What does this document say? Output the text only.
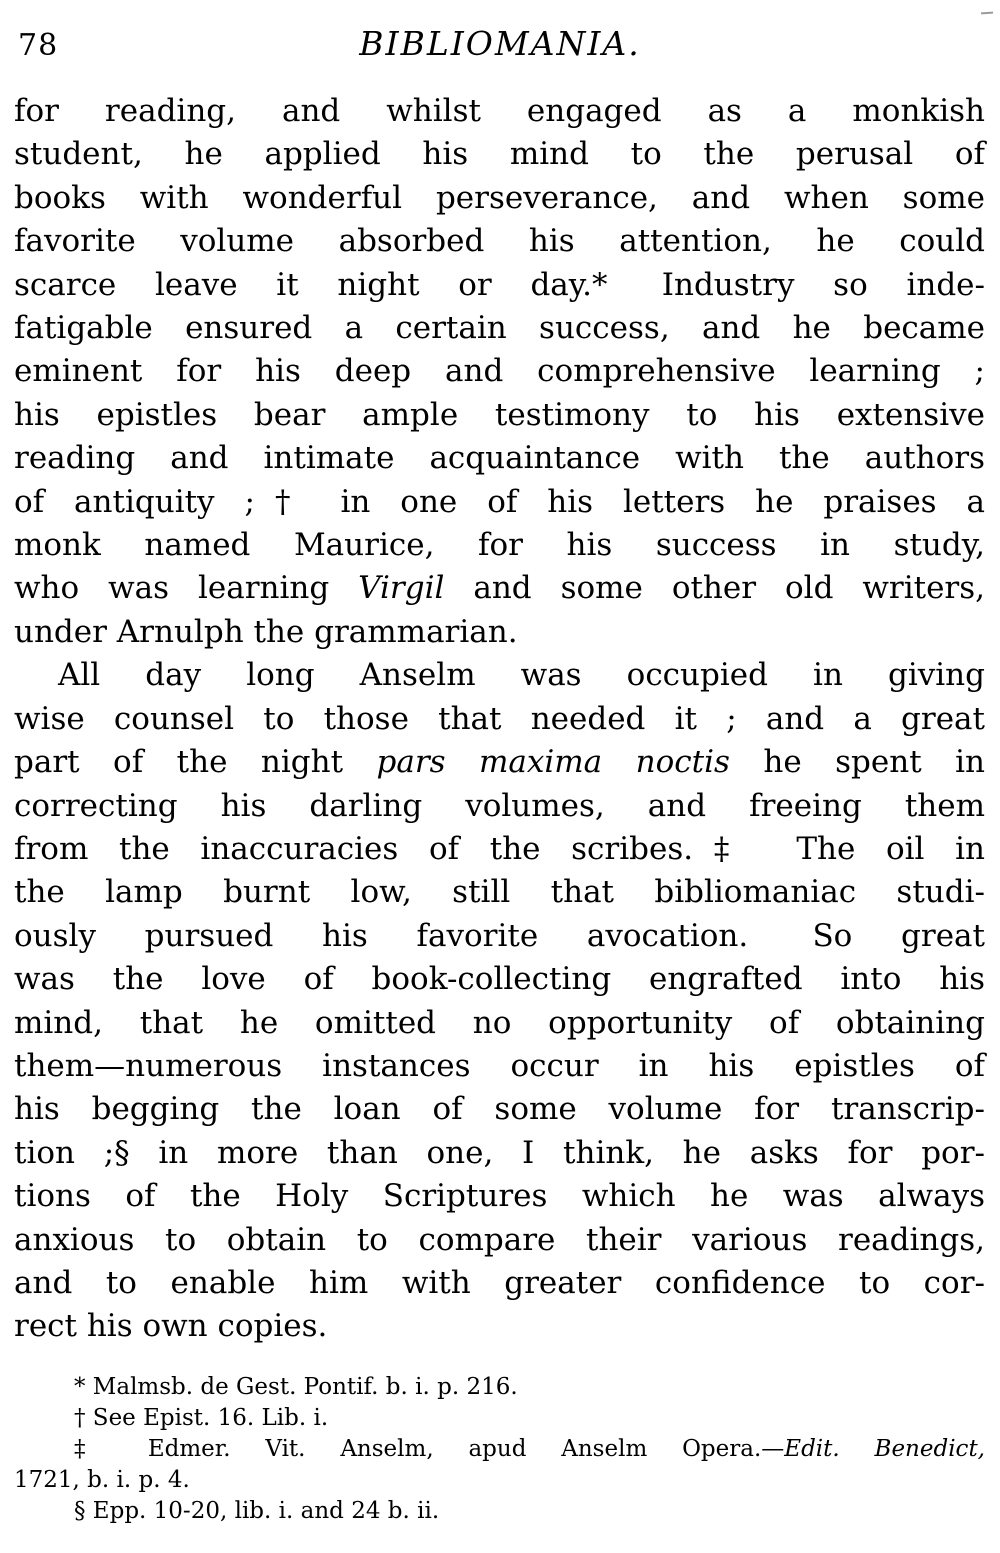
78	BIBLIOMANIA.
for reading, and whilst engaged as a monkish
student, he applied his mind to the perusal of
books with wonderful perseverance, and when some
favorite volume absorbed his attention, he could
scarce leave it night or day.*  Industry so inde-
fatigable ensured a certain success, and he became
eminent for his deep and comprehensive learning ;
his epistles bear ample testimony to his extensive
reading and intimate acquaintance with the authors
of antiquity ;† in one of his letters he praises a
monk named Maurice, for his success in study,
who was learning Virgil and some other old writers,
under Arnulph the grammarian.
All day long Anselm was occupied in giving
wise counsel to those that needed it ; and a great
part of the night pars maxima noctis he spent in
correcting his darling volumes, and freeing them
from the inaccuracies of the scribes.‡  The oil in
the lamp burnt low, still that bibliomaniac studi-
ously pursued his favorite avocation.  So great
was the love of book-collecting engrafted into his
mind, that he omitted no opportunity of obtaining
them—numerous instances occur in his epistles of
his begging the loan of some volume for transcrip-
tion ;§ in more than one, I think, he asks for por-
tions of the Holy Scriptures which he was always
anxious to obtain to compare their various readings,
and to enable him with greater confidence to cor-
rect his own copies.
* Malmsb. de Gest. Pontif. b. i. p. 216.
† See Epist. 16. Lib. i.
‡ Edmer. Vit. Anselm, apud Anselm Opera.—Edit. Benedict,
1721, b. i. p. 4.
§ Epp. 10-20, lib. i. and 24 b. ii.
